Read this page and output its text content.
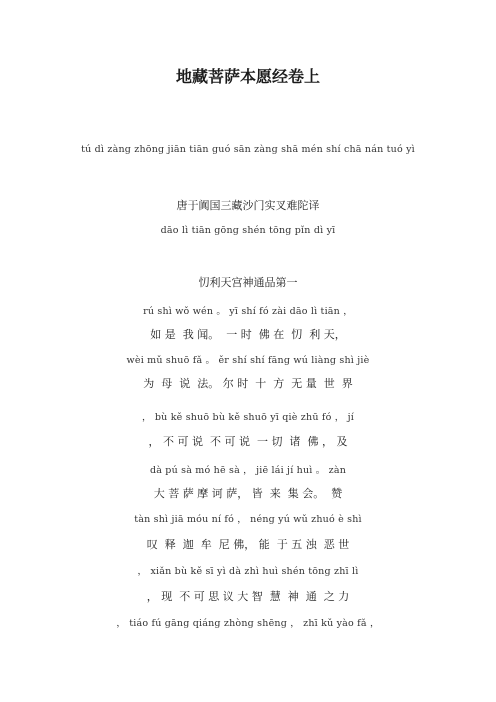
地藏菩萨本愿经卷上
tú dì zàng zhōng jiān tiān guó sān zàng shā mén shí chā nán tuó yì
唐于阗国三藏沙门实叉难陀译
dāo lì tiān gōng shén tōng pǐn dì yī
忉利天宫神通品第一
rú shì wǒ wén 。 yī shí fó zài dāo lì tiān ，
如 是  我 闻。  一 时  佛 在  忉  利 天，
wèi mǔ shuō fǎ 。 ěr shí shí fāng wú liàng shì jiè
为  母  说  法。 尔 时  十  方  无 量  世  界
， bù kě shuō bù kě shuō yī qiè zhū fó ， jí
， 不 可 说  不 可 说  一 切  诸  佛 ， 及
dà pú sà mó hē sà ， jiē lái jí huì 。 zàn
大 菩 萨 摩 诃 萨， 皆  来  集 会。  赞
tàn shì jiā móu ní fó ， néng yú wǔ zhuó è shì
叹  释  迦  牟  尼 佛， 能  于 五 浊  恶 世
， xiǎn bù kě sī yì dà zhì huì shén tōng zhī lì
， 现  不 可 思 议 大 智  慧  神  通  之 力
， tiáo fú gāng qiáng zhòng shēng ， zhī kǔ yào fǎ ，
